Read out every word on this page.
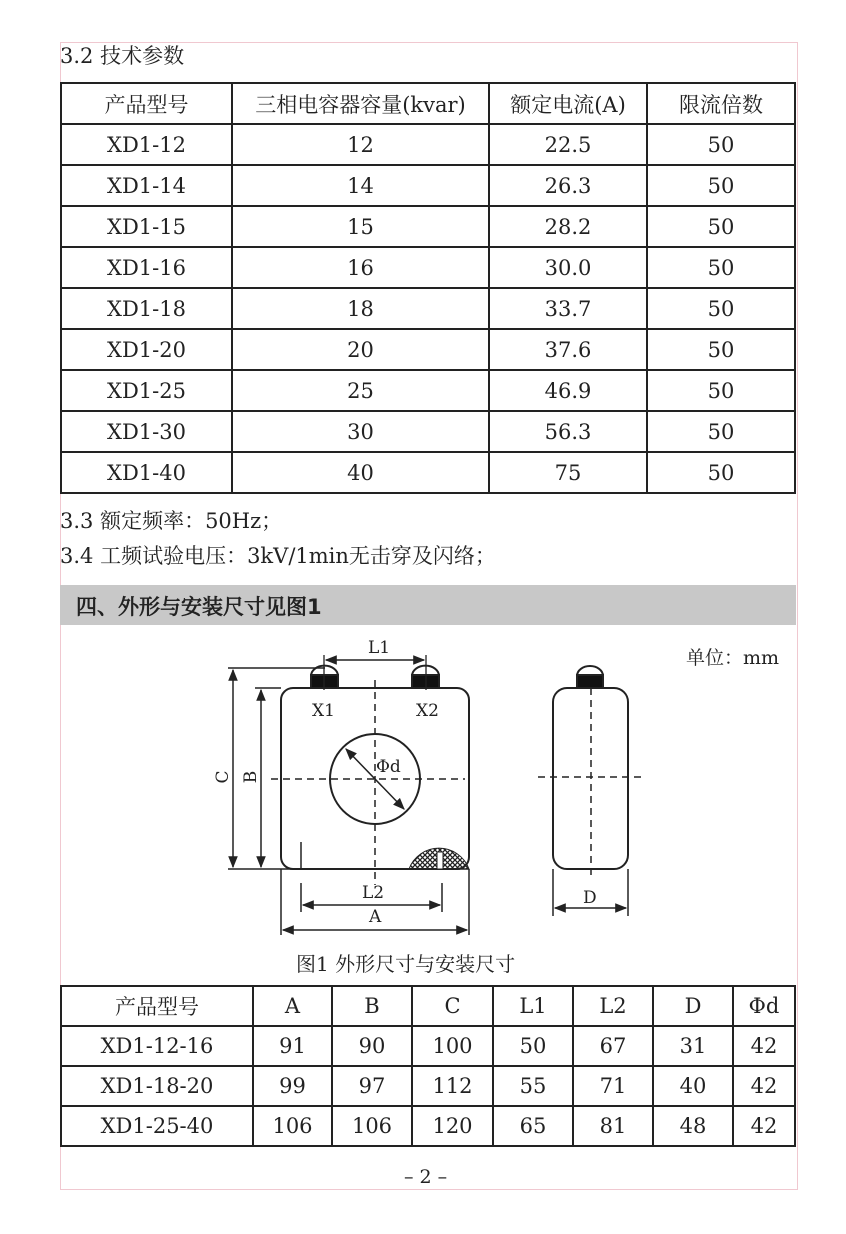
3.2 技术参数
产品型号	三相电容器容量(kvar)	额定电流(A)	限流倍数
XD1-12	12	22.5	50
XD1-14	14	26.3	50
XD1-15	15	28.2	50
XD1-16	16	30.0	50
XD1-18	18	33.7	50
XD1-20	20	37.6	50
XD1-25	25	46.9	50
XD1-30	30	56.3	50
XD1-40	40	75	50
3.3 额定频率：50Hz；
3.4 工频试验电压：3kV/1min无击穿及闪络；
四、外形与安装尺寸见图1
单位：mm
L1
X1	X2
C B	Φd
L2
A
D
图1 外形尺寸与安装尺寸
产品型号	A	B	C	L1	L2	D	Φd
XD1-12-16	91	90	100	50	67	31	42
XD1-18-20	99	97	112	55	71	40	42
XD1-25-40	106	106	120	65	81	48	42
– 2 –
